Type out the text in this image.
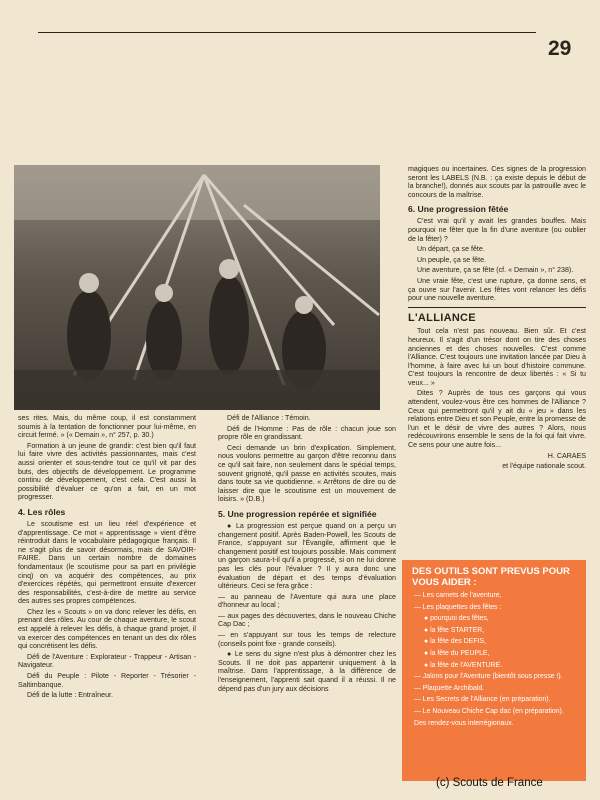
29

ses rites. Mais, du même coup, il est constamment soumis à la tentation de fonctionner pour lui-même, en circuit fermé. » (« Demain », n° 257, p. 30.)

Formation à un jeune de grandir: c'est bien qu'il faut lui faire vivre des activités passionnantes, mais c'est aussi orienter et sous-tendre tout ce qu'il vit par des buts, des objectifs de développement. Le programme continu de développement, c'est cela. C'est aussi la possibilité d'évaluer ce qu'on a fait, en un mot progresser.

4. Les rôles

Le scoutisme est un lieu réel d'expérience et d'apprentissage. Ce mot « apprentissage » vient d'être réintroduit dans le vocabulaire pédagogique français. Il ne s'agit plus de savoir désormais, mais de SAVOIR-FAIRE. Dans un certain nombre de domaines fondamentaux (le scoutisme pour sa part en privilégie cinq) on va acquérir des compétences, au prix d'exercices répétés, qui permettront ensuite d'exercer des responsabilités, c'est-à-dire de mettre au service des autres ses propres compétences.

Chez les « Scouts » on va donc relever les défis, en prenant des rôles. Au cour de chaque aventure, le scout est appelé à relever les défis, à chaque grand projet, il va exercer des compétences en tenant un des dix rôles qui concrétisent les défis.

Défi de l'Aventure : Explorateur - Trappeur - Artisan - Navigateur.

Défi du Peuple : Pilote - Reporter - Trésorier - Saltimbanque.

Défi de la lutte : Entraîneur.

Défi de l'Alliance : Témoin.

Défi de l'Homme : Pas de rôle : chacun joue son propre rôle en grandissant.

Ceci demande un brin d'explication. Simplement, nous voulons permettre au garçon d'être reconnu dans ce qu'il sait faire, non seulement dans le spécial temps, souvent grignoté, qu'il passe en activités scoutes, mais dans toute sa vie quotidienne. « Arrêtons de dire ou de laisser dire que le scoutisme est un mouvement de loisirs. » (D.B.)

5. Une progression repérée et signifiée

● La progression est perçue quand on a perçu un changement positif. Après Baden-Powell, les Scouts de France, s'appuyant sur l'Évangile, affirment que le changement positif est toujours possible. Mais comment un garçon saura-t-il qu'il a progressé, si on ne lui donne pas les clés pour l'évaluer ? Il y aura donc une évaluation de départ et des temps d'évaluation ultérieurs. Ceci se fera grâce :

— au panneau de l'Aventure qui aura une place d'honneur au local ;

— aux pages des découvertes, dans le nouveau Chiche Cap Dac ;

— en s'appuyant sur tous les temps de relecture (conseils point fixe - grande conseils).

● Le sens du signe n'est plus à démontrer chez les Scouts. Il ne doit pas appartenir uniquement à la maîtrise. Dans l'apprentissage, à la différence de l'enseignement, l'apprenti sait quand il a réussi. Il ne dépend pas d'un jury aux décisions

magiques ou incertaines. Ces signes de la progression seront les LABELS (N.B. : ça existe depuis le début de la branche!), donnés aux scouts par la patrouille avec le concours de la maîtrise.

6. Une progression fêtée

C'est vrai qu'il y avait les grandes bouffes. Mais pourquoi ne fêter que la fin d'une aventure (ou oublier de la fêter) ?

Un départ, ça se fête.

Un peuple, ça se fête.

Une aventure, ça se fête (cf. « Demain », n° 238).

Une vraie fête, c'est une rupture, ça donne sens, et ça ouvre sur l'avenir. Les fêtes vont relancer les défis pour une nouvelle aventure.

L'ALLIANCE

Tout cela n'est pas nouveau. Bien sûr. Et c'est heureux. Il s'agit d'un trésor dont on tire des choses anciennes et des choses nouvelles. C'est comme l'Alliance. C'est toujours une invitation lancée par Dieu à l'homme, à faire avec lui un bout d'histoire commune. C'est toujours la rencontre de deux libertés : « Si tu veux... »

Dites ? Auprès de tous ces garçons qui vous attendent, voulez-vous être ces hommes de l'Alliance ? Ceux qui permettront qu'il y ait du « jeu » dans les relations entre Dieu et son Peuple, entre la promesse de l'un et le désir de vivre des autres ? Alors, nous redécouvrirons ensemble le sens de la foi qui fait vivre. Ce sens pour une autre fois...

H. CARAES

et l'équipe nationale scout.

DES OUTILS SONT PREVUS POUR VOUS AIDER :
— Les carnets de l'aventure,
— Les plaquettes des fêtes :
● pourquoi des fêtes,
● la fête STARTER,
● la fête des DEFIS,
● la fête du PEUPLE,
● la fête de l'AVENTURE.
— Jalons pour l'Aventure (bientôt sous presse !).
— Plaquette Archibald.
— Les Secrets de l'Alliance (en préparation).
— Le Nouveau Chiche Cap dac (en préparation).
Des rendez-vous interrégionaux.
(c) Scouts de France
